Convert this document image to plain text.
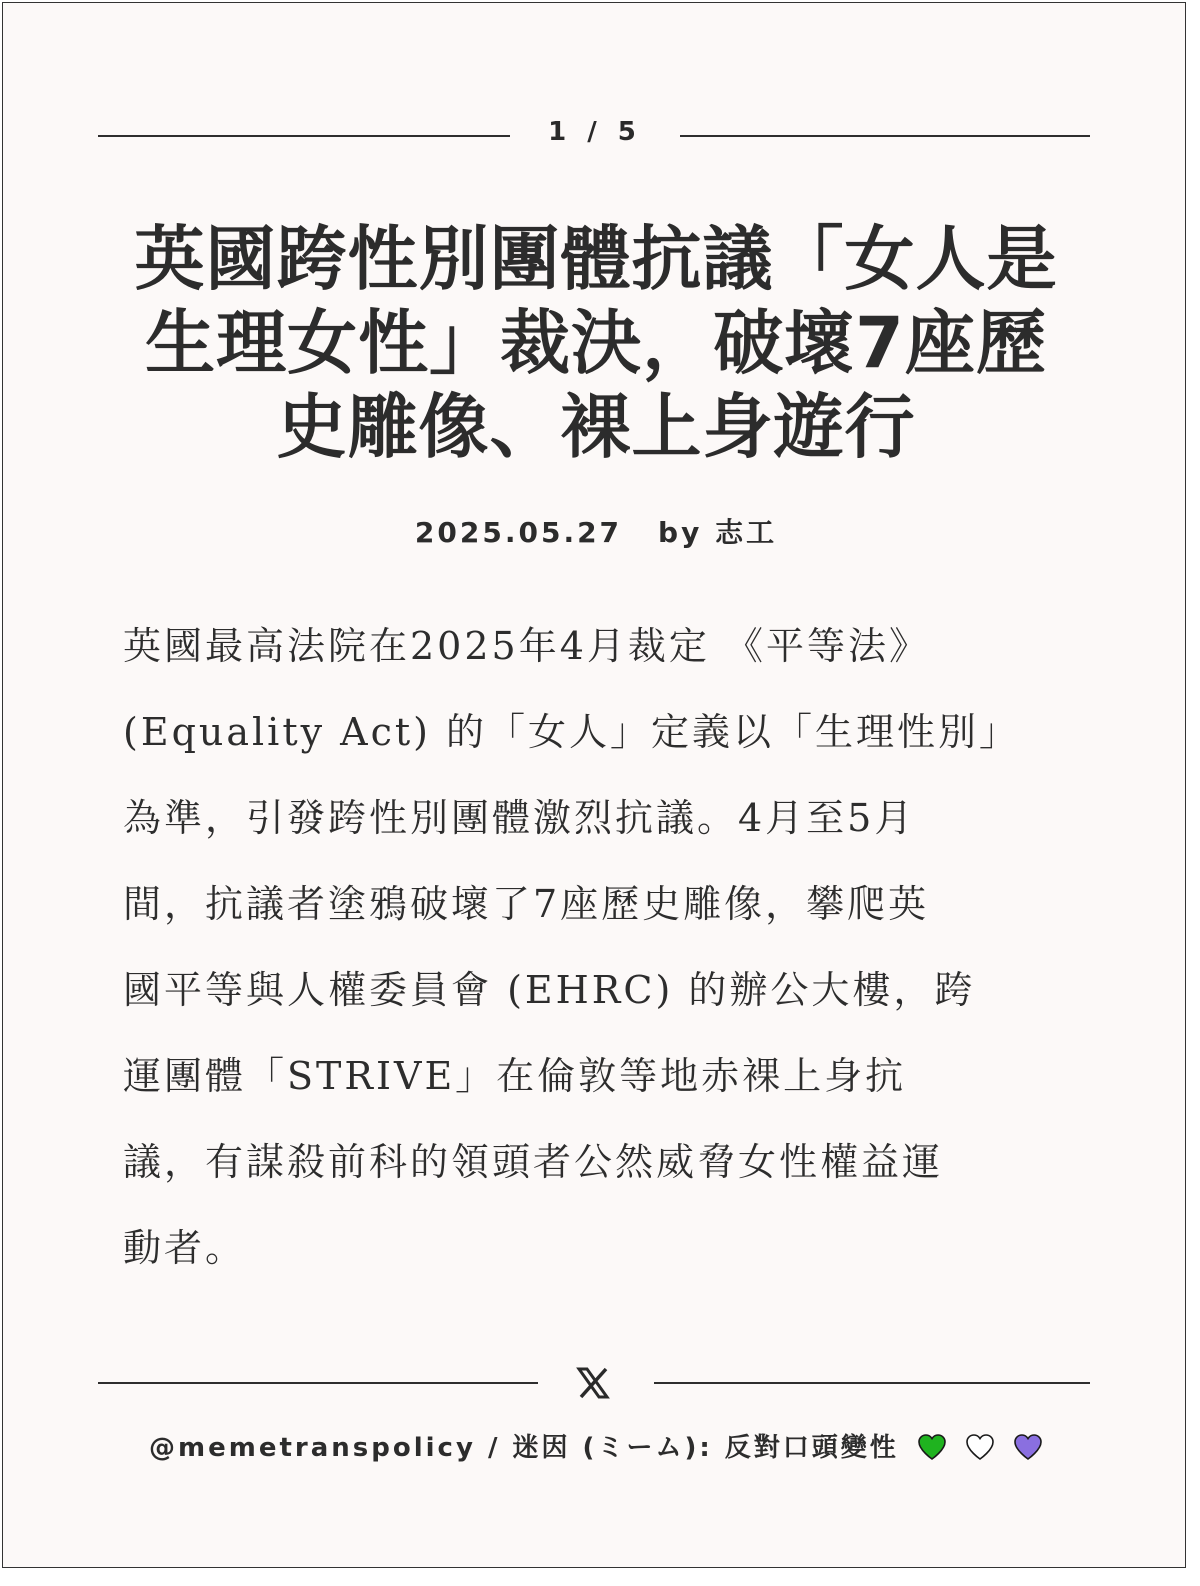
1 / 5
英國跨性別團體抗議「女人是
生理女性」裁決，破壞7座歷
史雕像、裸上身遊行
2025.05.27 by 志工
英國最高法院在2025年4月裁定 《平等法》
(Equality Act) 的「女人」定義以「生理性別」
為準，引發跨性別團體激烈抗議。4月至5月
間，抗議者塗鴉破壞了7座歷史雕像，攀爬英
國平等與人權委員會 (EHRC) 的辦公大樓，跨
運團體「STRIVE」在倫敦等地赤裸上身抗
議，有謀殺前科的領頭者公然威脅女性權益運
動者。
@memetranspolicy / 迷因 (ミーム): 反對口頭變性
